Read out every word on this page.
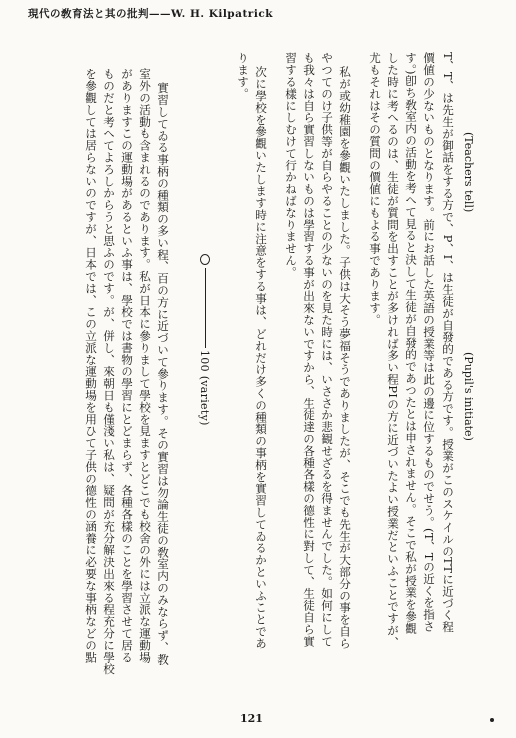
現代の敎育法と其の批判——W. H. Kilpatrick
(Teachers tell)
(Pupil's initiate)
T、T、は先生が御話をする方で、P、I、は生徒が自發的である方です。授業がこのスケイルのTTに近づく程
價値の少ないものとなります。前にお話した英語の授業等は此の邊に位するものでせう。(T、Tの近くを指さ
す。)卽ち敎室内の活動を考へて見ると決して生徒が自發的であつたとは申されません。そこで私が授業を參觀
した時に考へるのは、生徒が質問を出すことが多ければ多い程PIの方に近づいたよい授業だといふことですが、
尤もそれはその質問の價値にもよる事であります。
私が或幼稚園を參觀いたしました。子供は大そう夢福そうでありましたが、そこでも先生が大部分の事を自ら
やつてのけ子供等が自らやることの少ないのを見た時には、いささか悲観せざるを得ませんでした。如何にして
も我々は自ら實習しないものは學習する事が出來ないですから、生徒達の各種各樣の德性に對して、生徒自ら實
習する樣にしむけて行かねばなりません。
次に學校を參觀いたします時に注意をする事は、どれだけ多くの種類の事柄を實習してゐるかといふことであ
ります。
100 (variety)
實習してゐる事柄の種類の多い程、百の方に近づいて參ります。その實習は勿論生徒の敎室内のみならず、教
室外の活動も含まれるのであります。私が日本に參りまして學校を見ますとどこでも校舍の外には立派な運動場
がありますこの運動場があるといふ事は、學校では書物の學習にとどまらず、各種各樣のことを學習させて居る
ものだと考へてよろしからうと思ふのです。が、併し、來朝日も僅淺い私は、疑問が充分解決出來る程充分に學校
を參觀しては居らないのですが、日本では、この立派な運動場を用ひて子供の德性の涵養に必要な事柄などの點
121
